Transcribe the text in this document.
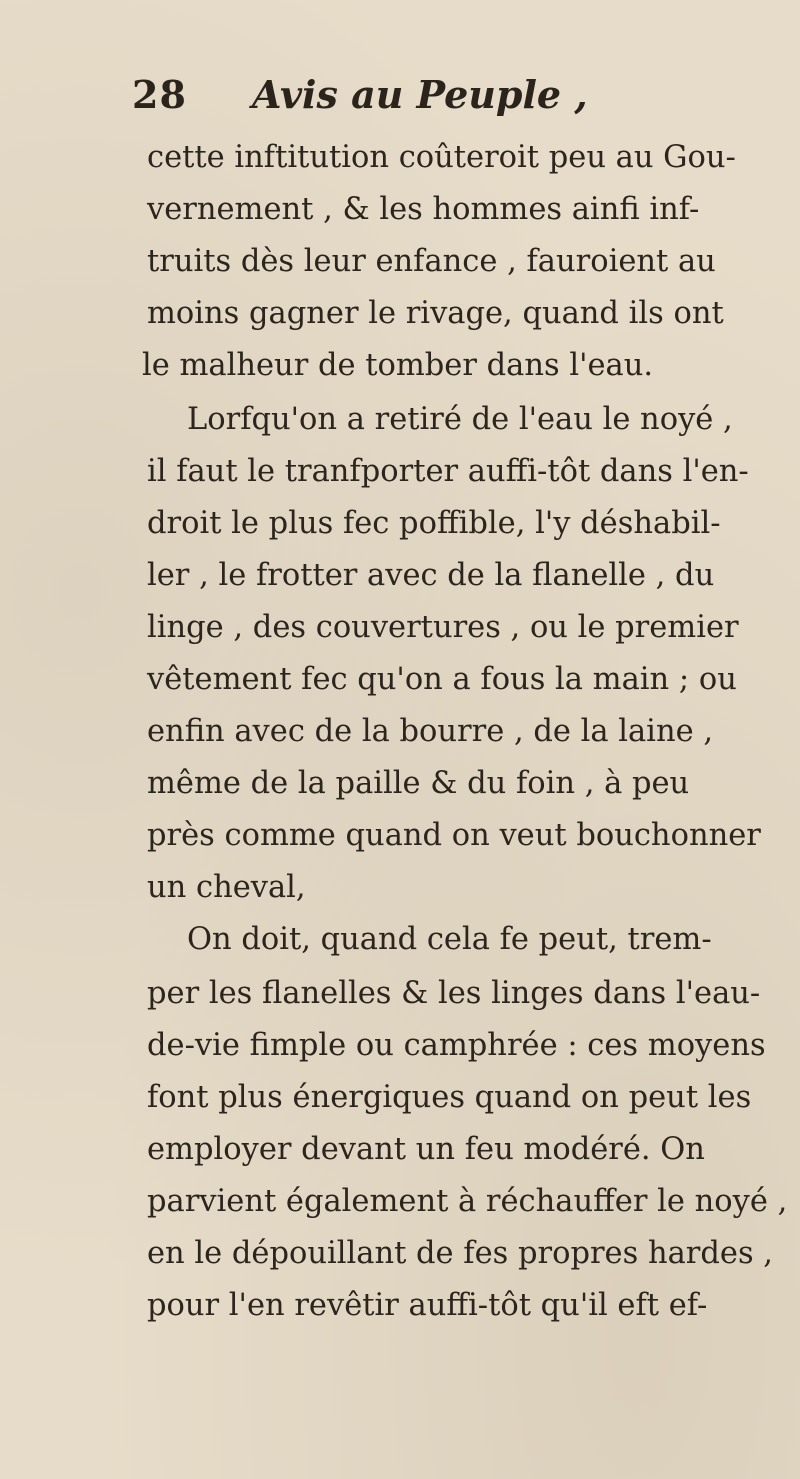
28 Avis au Peuple ,
cette inftitution coûteroit peu au Gou-
vernement , & les hommes ainfi inf-
truits dès leur enfance , fauroient au
moins gagner le rivage, quand ils ont
le malheur de tomber dans l'eau.
Lorfqu'on a retiré de l'eau le noyé ,
il faut le tranfporter auffi-tôt dans l'en-
droit le plus fec poffible, l'y déshabil-
ler , le frotter avec de la flanelle , du
linge , des couvertures , ou le premier
vêtement fec qu'on a fous la main ; ou
enfin avec de la bourre , de la laine ,
même de la paille & du foin , à peu
près comme quand on veut bouchonner
un cheval,
On doit, quand cela fe peut, trem-
per les flanelles & les linges dans l'eau-
de-vie fimple ou camphrée : ces moyens
font plus énergiques quand on peut les
employer devant un feu modéré. On
parvient également à réchauffer le noyé ,
en le dépouillant de fes propres hardes ,
pour l'en revêtir auffi-tôt qu'il eft ef-
